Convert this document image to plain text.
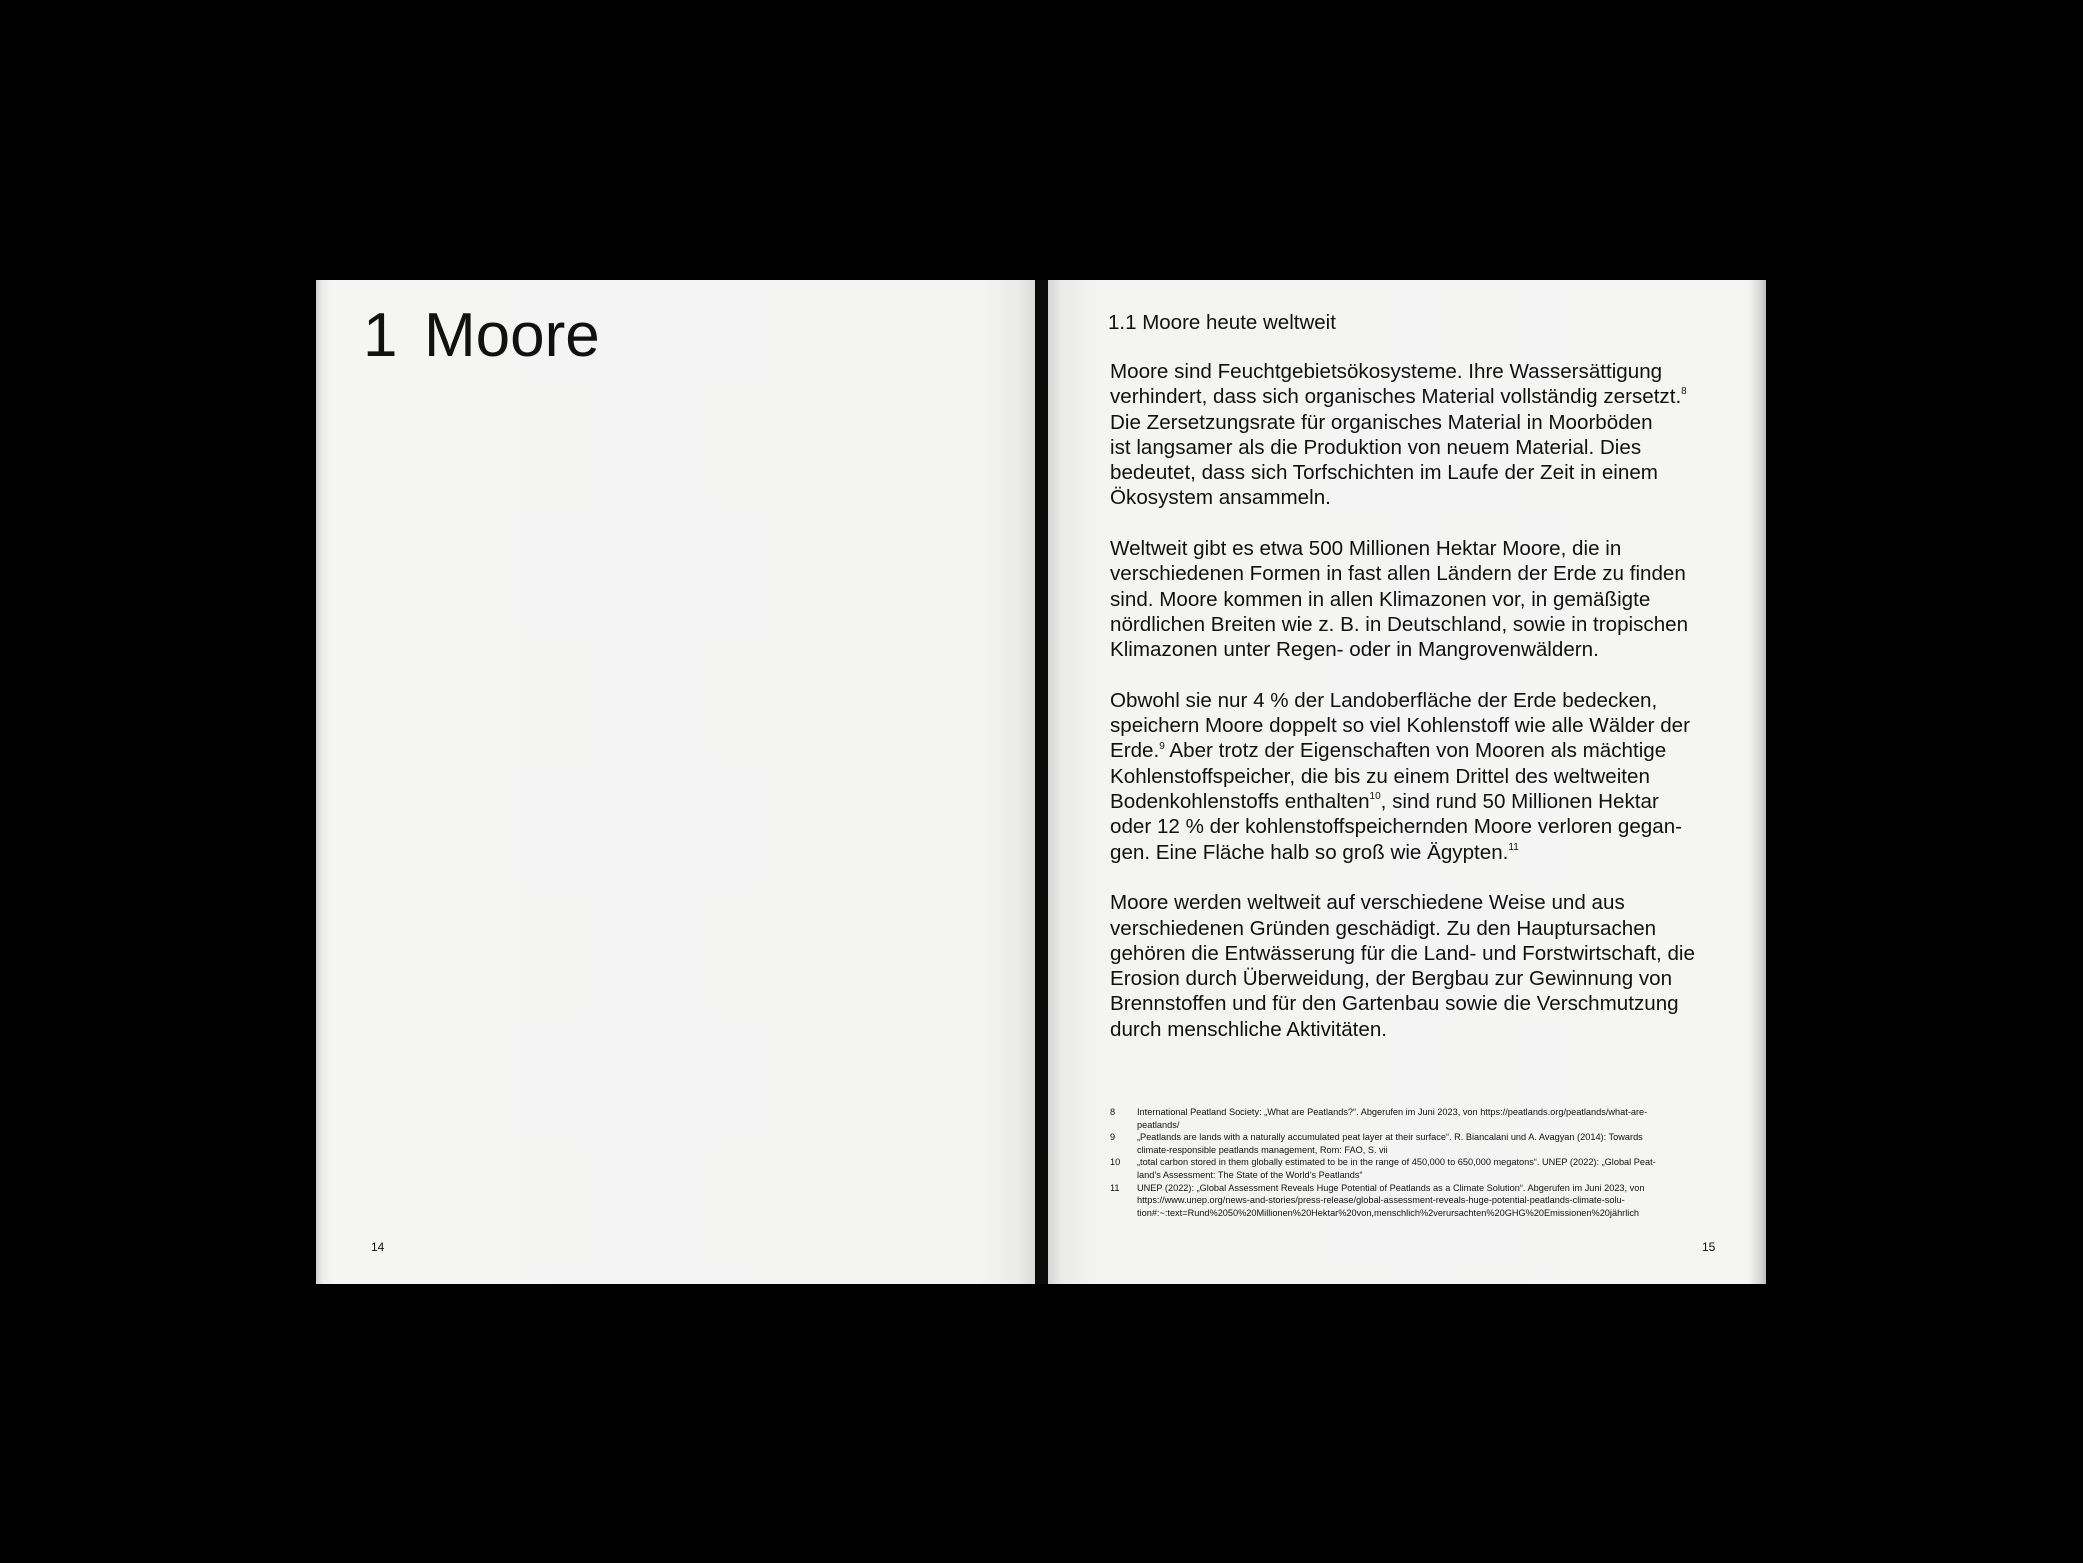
1 Moore
14
1.1 Moore heute weltweit

Moore sind Feuchtgebietsökosysteme. Ihre Wassersättigung
verhindert, dass sich organisches Material vollständig zersetzt.$^8$
Die Zersetzungsrate für organisches Material in Moorböden
ist langsamer als die Produktion von neuem Material. Dies
bedeutet, dass sich Torfschichten im Laufe der Zeit in einem
Ökosystem ansammeln.

Weltweit gibt es etwa 500 Millionen Hektar Moore, die in
verschiedenen Formen in fast allen Ländern der Erde zu finden
sind. Moore kommen in allen Klimazonen vor, in gemäßigte
nördlichen Breiten wie z. B. in Deutschland, sowie in tropischen
Klimazonen unter Regen- oder in Mangrovenwäldern.

Obwohl sie nur 4 % der Landoberfläche der Erde bedecken,
speichern Moore doppelt so viel Kohlenstoff wie alle Wälder der
Erde.$^9$ Aber trotz der Eigenschaften von Mooren als mächtige
Kohlenstoffspeicher, die bis zu einem Drittel des weltweiten
Bodenkohlenstoffs enthalten$^{10}$, sind rund 50 Millionen Hektar
oder 12 % der kohlenstoffspeichernden Moore verloren gegan-
gen. Eine Fläche halb so groß wie Ägypten.$^{11}$

Moore werden weltweit auf verschiedene Weise und aus
verschiedenen Gründen geschädigt. Zu den Hauptursachen
gehören die Entwässerung für die Land- und Forstwirtschaft, die
Erosion durch Überweidung, der Bergbau zur Gewinnung von
Brennstoffen und für den Gartenbau sowie die Verschmutzung
durch menschliche Aktivitäten.

8	International Peatland Society: „What are Peatlands?“. Abgerufen im Juni 2023, von https://peatlands.org/peatlands/what-are-
peatlands/
9	„Peatlands are lands with a naturally accumulated peat layer at their surface“. R. Biancalani und A. Avagyan (2014): Towards
climate-responsible peatlands management, Rom: FAO, S. vii
10	„total carbon stored in them globally estimated to be in the range of 450,000 to 650,000 megatons“. UNEP (2022): „Global Peat-
land’s Assessment: The State of the World’s Peatlands“
11	UNEP (2022): „Global Assessment Reveals Huge Potential of Peatlands as a Climate Solution“. Abgerufen im Juni 2023, von
https://www.unep.org/news-and-stories/press-release/global-assessment-reveals-huge-potential-peatlands-climate-solu-
tion#:~:text=Rund%2050%20Millionen%20Hektar%20von,menschlich%2verursachten%20GHG%20Emissionen%20jährlich
15
